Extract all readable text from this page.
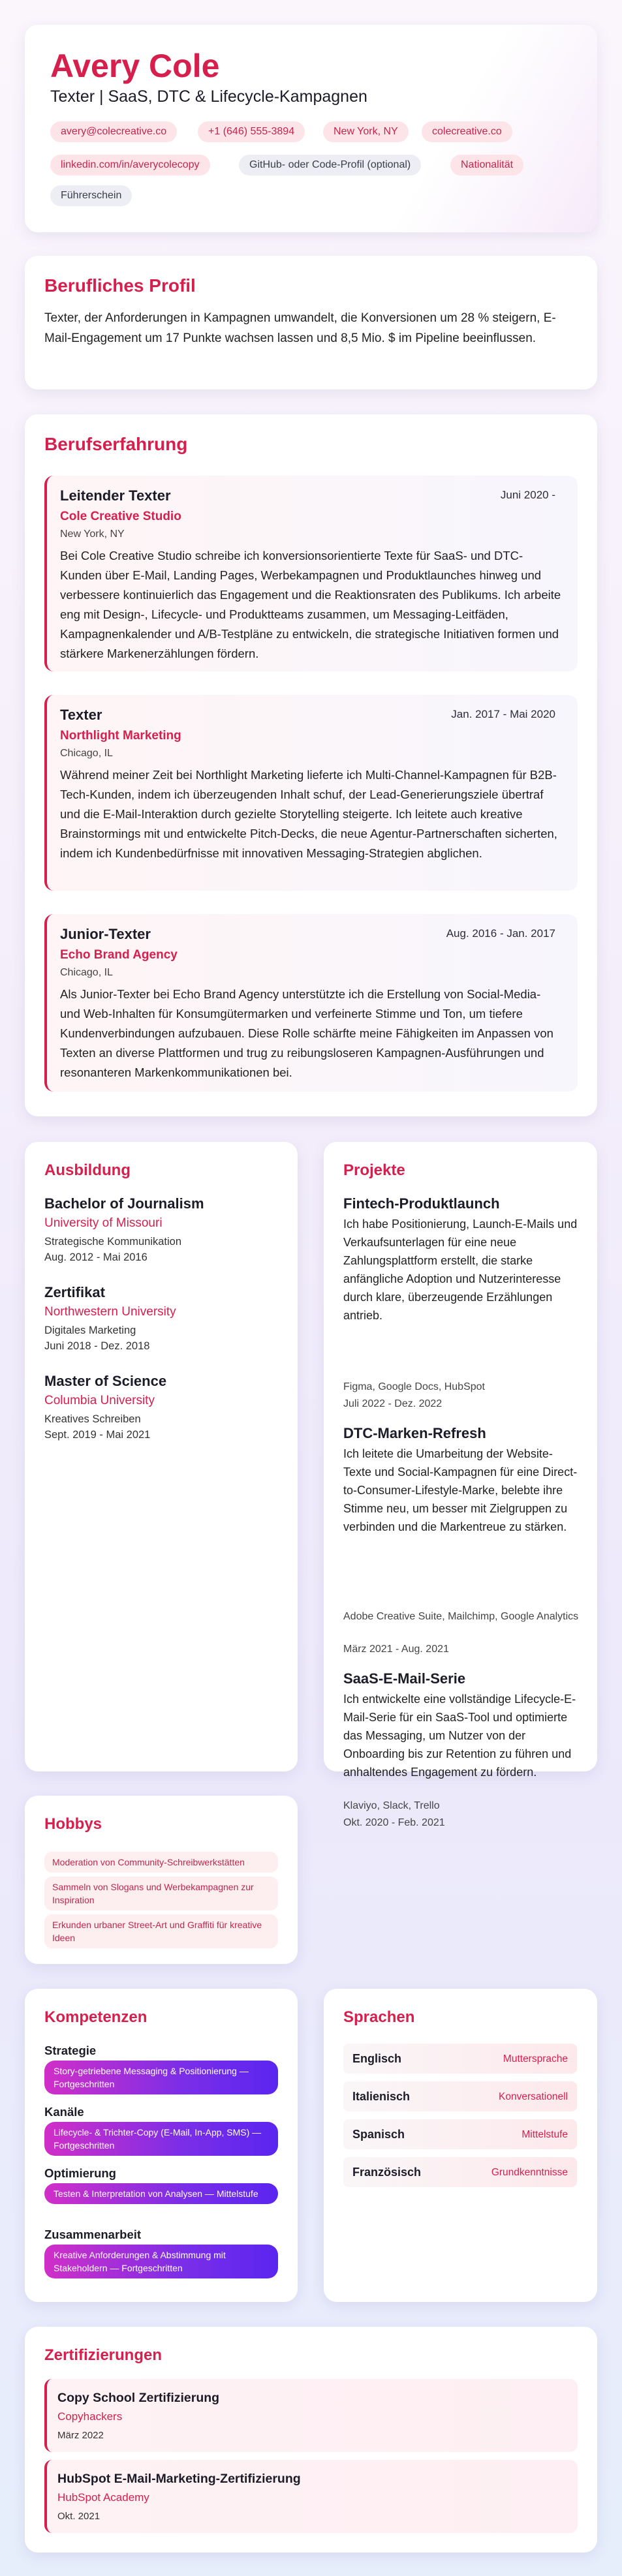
Avery Cole
Texter | SaaS, DTC & Lifecycle-Kampagnen
avery@colecreative.co	+1 (646) 555-3894	New York, NY	colecreative.co
linkedin.com/in/averycolecopy	GitHub- oder Code-Profil (optional)	Nationalität
Führerschein
Berufliches Profil

Texter, der Anforderungen in Kampagnen umwandelt, die Konversionen um 28 % steigern, E-Mail-Engagement um 17 Punkte wachsen lassen und 8,5 Mio. $ im Pipeline beeinflussen.

Berufserfahrung
Leitender Texter	Juni 2020 -
Cole Creative Studio
New York, NY

Bei Cole Creative Studio schreibe ich konversionsorientierte Texte für SaaS- und DTC-Kunden über E-Mail, Landing Pages, Werbekampagnen und Produktlaunches hinweg und verbessere kontinuierlich das Engagement und die Reaktionsraten des Publikums. Ich arbeite eng mit Design-, Lifecycle- und Produktteams zusammen, um Messaging-Leitfäden, Kampagnenkalender und A/B-Testpläne zu entwickeln, die strategische Initiativen formen und stärkere Markenerzählungen fördern.

Texter	Jan. 2017 - Mai 2020
Northlight Marketing
Chicago, IL

Während meiner Zeit bei Northlight Marketing lieferte ich Multi-Channel-Kampagnen für B2B-Tech-Kunden, indem ich überzeugenden Inhalt schuf, der Lead-Generierungsziele übertraf und die E-Mail-Interaktion durch gezielte Storytelling steigerte. Ich leitete auch kreative Brainstormings mit und entwickelte Pitch-Decks, die neue Agentur-Partnerschaften sicherten, indem ich Kundenbedürfnisse mit innovativen Messaging-Strategien abglichen.

Junior-Texter	Aug. 2016 - Jan. 2017
Echo Brand Agency
Chicago, IL

Als Junior-Texter bei Echo Brand Agency unterstützte ich die Erstellung von Social-Media- und Web-Inhalten für Konsumgütermarken und verfeinerte Stimme und Ton, um tiefere Kundenverbindungen aufzubauen. Diese Rolle schärfte meine Fähigkeiten im Anpassen von Texten an diverse Plattformen und trug zu reibungsloseren Kampagnen-Ausführungen und resonanteren Markenkommunikationen bei.

Ausbildung
Bachelor of Journalism
University of Missouri
Strategische Kommunikation
Aug. 2012 - Mai 2016
Zertifikat
Northwestern University
Digitales Marketing
Juni 2018 - Dez. 2018
Master of Science
Columbia University
Kreatives Schreiben
Sept. 2019 - Mai 2021
Projekte
Fintech-Produktlaunch

Ich habe Positionierung, Launch-E-Mails und Verkaufsunterlagen für eine neue Zahlungsplattform erstellt, die starke anfängliche Adoption und Nutzerinteresse durch klare, überzeugende Erzählungen antrieb.

Figma, Google Docs, HubSpot
Juli 2022 - Dez. 2022
DTC-Marken-Refresh

Ich leitete die Umarbeitung der Website-Texte und Social-Kampagnen für eine Direct-to-Consumer-Lifestyle-Marke, belebte ihre Stimme neu, um besser mit Zielgruppen zu verbinden und die Markentreue zu stärken.

Adobe Creative Suite, Mailchimp, Google Analytics
März 2021 - Aug. 2021
SaaS-E-Mail-Serie

Ich entwickelte eine vollständige Lifecycle-E-Mail-Serie für ein SaaS-Tool und optimierte das Messaging, um Nutzer von der Onboarding bis zur Retention zu führen und anhaltendes Engagement zu fördern.

Klaviyo, Slack, Trello
Okt. 2020 - Feb. 2021
Hobbys
Moderation von Community-Schreibwerkstätten
Sammeln von Slogans und Werbekampagnen zur Inspiration
Erkunden urbaner Street-Art und Graffiti für kreative Ideen
Kompetenzen
Strategie
Story-getriebene Messaging & Positionierung — Fortgeschritten
Kanäle
Lifecycle- & Trichter-Copy (E-Mail, In-App, SMS) — Fortgeschritten
Optimierung
Testen & Interpretation von Analysen — Mittelstufe
Zusammenarbeit
Kreative Anforderungen & Abstimmung mit Stakeholdern — Fortgeschritten
Sprachen
Englisch	Muttersprache
Italienisch	Konversationell
Spanisch	Mittelstufe
Französisch	Grundkenntnisse
Zertifizierungen
Copy School Zertifizierung
Copyhackers
März 2022
HubSpot E-Mail-Marketing-Zertifizierung
HubSpot Academy
Okt. 2021
